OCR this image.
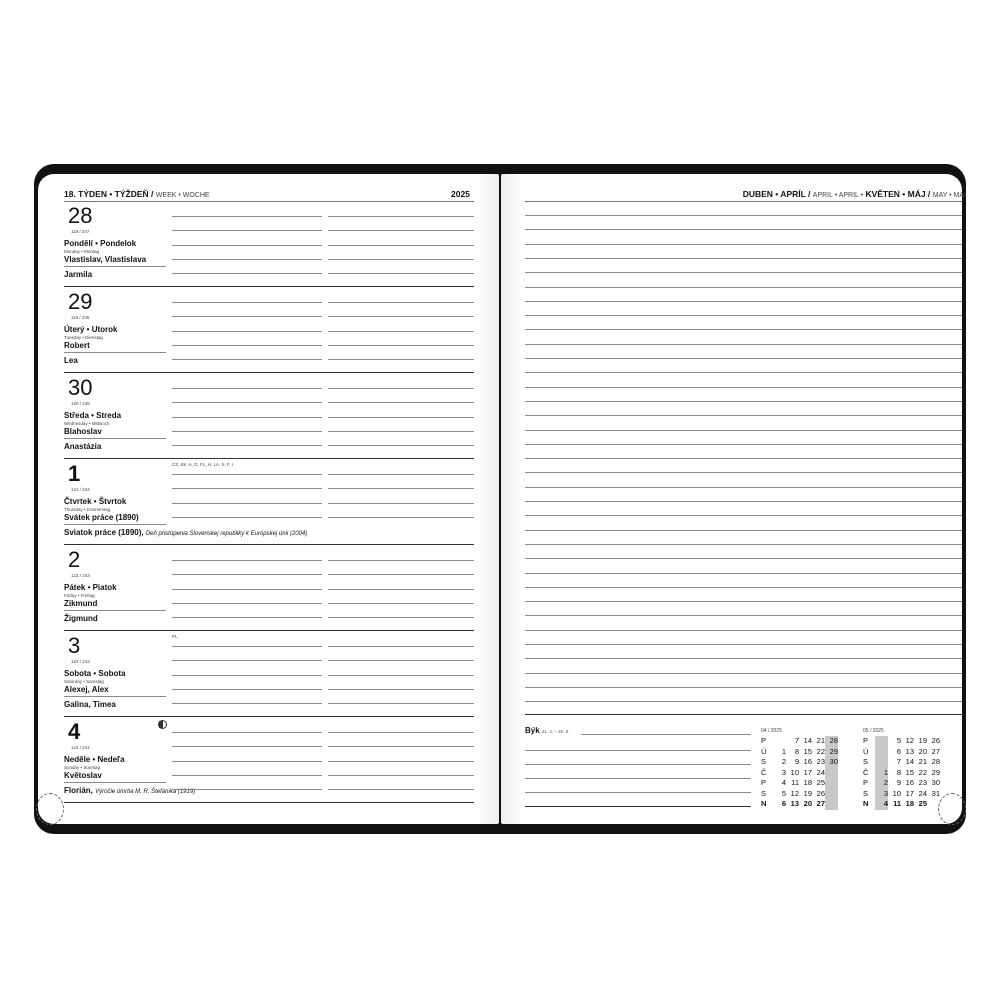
18. TÝDEN • TÝŽDEŇ / WEEK • WOCHE	2025
28
118 / 247
Pondělí • Pondelok
Monday • Montag
Vlastislav, Vlastislava
Jarmila
29
119 / 246
Úterý • Utorok
Tuesday • Dienstag
Robert
Lea
30
120 / 245
Středa • Streda
Wednesday • Mittwoch
Blahoslav
Anastázia
1
121 / 244
Čtvrtek • Štvrtok
Thursday • Donnerstag
Svátek práce (1890)
Sviatok práce (1890), Deň pristúpenia Slovenskej republiky k Európskej únii (2004)
CZ, SK, A, D, FL, H, LA, S, F, I
2
122 / 243
Pátek • Piatok
Friday • Freitag
Zikmund
Žigmund
3
123 / 242
Sobota • Sobota
Saturday • Samstag
Alexej, Alex
Galina, Timea
PL
4
124 / 241
Neděle • Nedeľa
Sunday • Sonntag
Květoslav
Florián, Výročie úmrtia M. R. Štefánika (1919)
DUBEN • APRÍL / APRIL • APRIL • KVĚTEN • MÁJ / MAY • MAI
Býk 21. 4. – 20. 5.	04 / 2025
P		7	14	21	28
Ú	1	8	15	22	29
S	2	9	16	23	30
Č	3	10	17	24	
P	4	11	18	25	
S	5	12	19	26	
N	6	13	20	27	
05 / 2025
P		5	12	19	26
Ú		6	13	20	27
S		7	14	21	28
Č	1	8	15	22	29
P	2	9	16	23	30
S	3	10	17	24	31
N	4	11	18	25	
